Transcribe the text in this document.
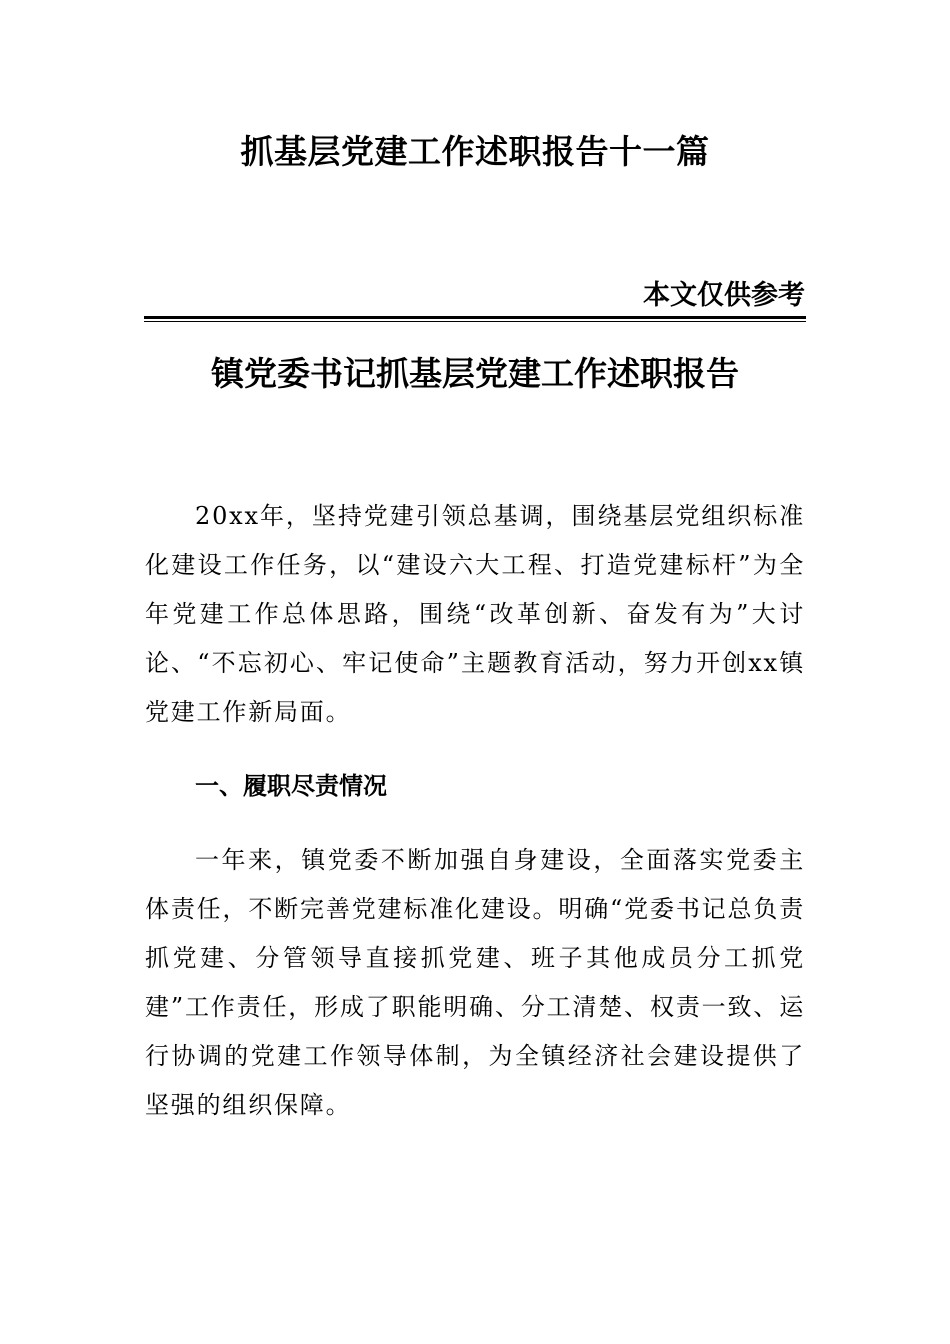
抓基层党建工作述职报告十一篇
本文仅供参考
镇党委书记抓基层党建工作述职报告

20xx年，坚持党建引领总基调，围绕基层党组织标准化建设工作任务，以“建设六大工程、打造党建标杆”为全年党建工作总体思路，围绕“改革创新、奋发有为”大讨论、“不忘初心、牢记使命”主题教育活动，努力开创xx镇党建工作新局面。

一、履职尽责情况

一年来，镇党委不断加强自身建设，全面落实党委主体责任，不断完善党建标准化建设。明确“党委书记总负责抓党建、分管领导直接抓党建、班子其他成员分工抓党建”工作责任，形成了职能明确、分工清楚、权责一致、运行协调的党建工作领导体制，为全镇经济社会建设提供了坚强的组织保障。
